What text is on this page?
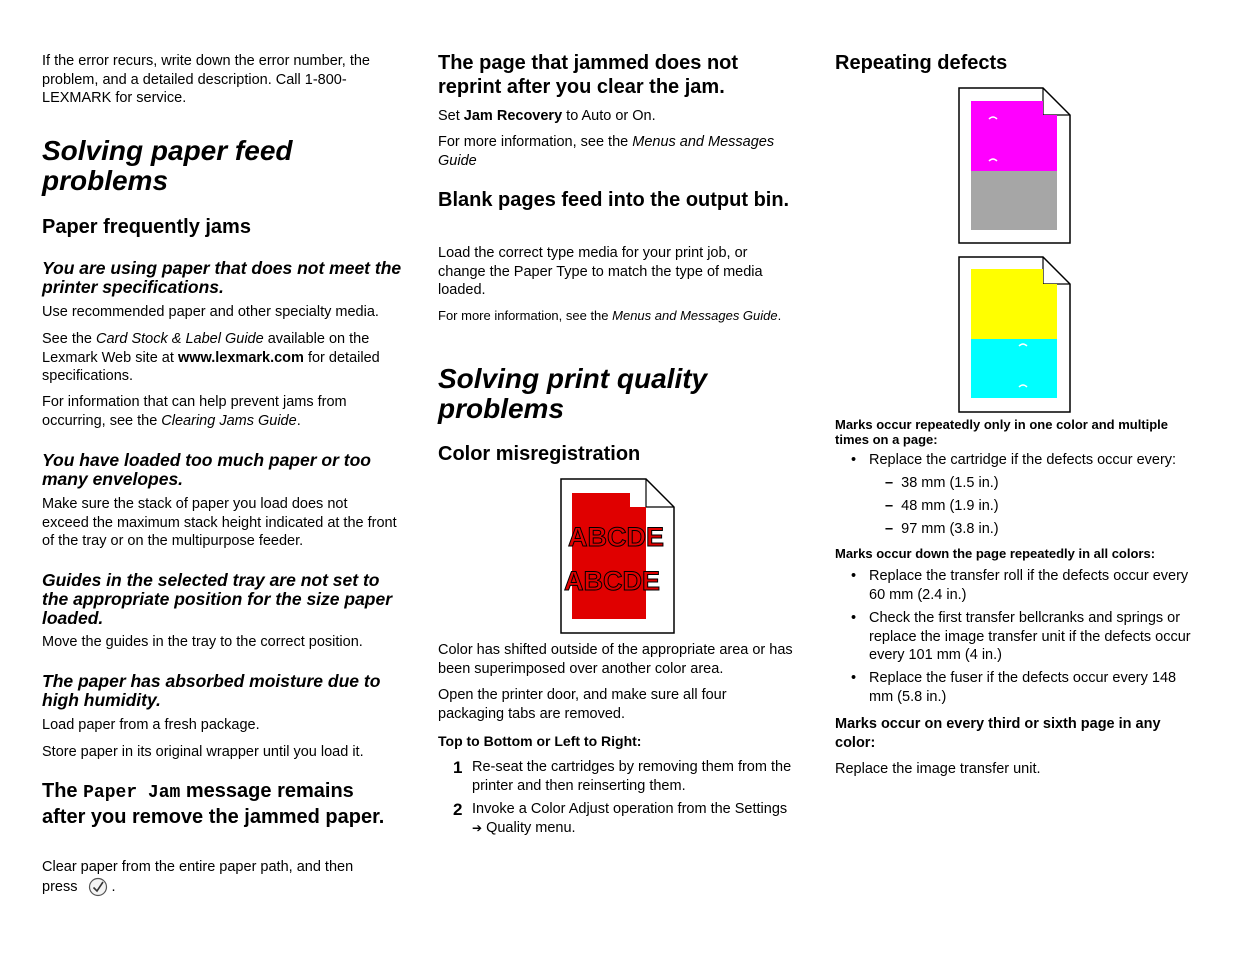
If the error recurs, write down the error number, the problem, and a detailed description. Call 1-800-LEXMARK for service.

Solving paper feed problems
Paper frequently jams
You are using paper that does not meet the printer specifications.

Use recommended paper and other specialty media.

See the Card Stock & Label Guide available on the Lexmark Web site at www.lexmark.com for detailed specifications.

For information that can help prevent jams from occurring, see the Clearing Jams Guide.

You have loaded too much paper or too many envelopes.

Make sure the stack of paper you load does not exceed the maximum stack height indicated at the front of the tray or on the multipurpose feeder.

Guides in the selected tray are not set to the appropriate position for the size paper loaded.

Move the guides in the tray to the correct position.

The paper has absorbed moisture due to high humidity.

Load paper from a fresh package.

Store paper in its original wrapper until you load it.

The Paper Jam message remains after you remove the jammed paper.

Clear paper from the entire paper path, and then press .

The page that jammed does not reprint after you clear the jam.

Set Jam Recovery to Auto or On.

For more information, see the Menus and Messages Guide

Blank pages feed into the output bin.

Load the correct type media for your print job, or change the Paper Type to match the type of media loaded.

For more information, see the Menus and Messages Guide.

Solving print quality problems
Color misregistration
ABCDE
ABCDE

Color has shifted outside of the appropriate area or has been superimposed over another color area.

Open the printer door, and make sure all four packaging tabs are removed.

Top to Bottom or Left to Right:

1 Re-seat the cartridges by removing them from the printer and then reinserting them.

2 Invoke a Color Adjust operation from the Settings ➔ Quality menu.

Repeating defects

Marks occur repeatedly only in one color and multiple times on a page:

• Replace the cartridge if the defects occur every:

– 38 mm (1.5 in.)

– 48 mm (1.9 in.)

– 97 mm (3.8 in.)

Marks occur down the page repeatedly in all colors:

• Replace the transfer roll if the defects occur every 60 mm (2.4 in.)

• Check the first transfer bellcranks and springs or replace the image transfer unit if the defects occur every 101 mm (4 in.)

• Replace the fuser if the defects occur every 148 mm (5.8 in.)

Marks occur on every third or sixth page in any color:

Replace the image transfer unit.
